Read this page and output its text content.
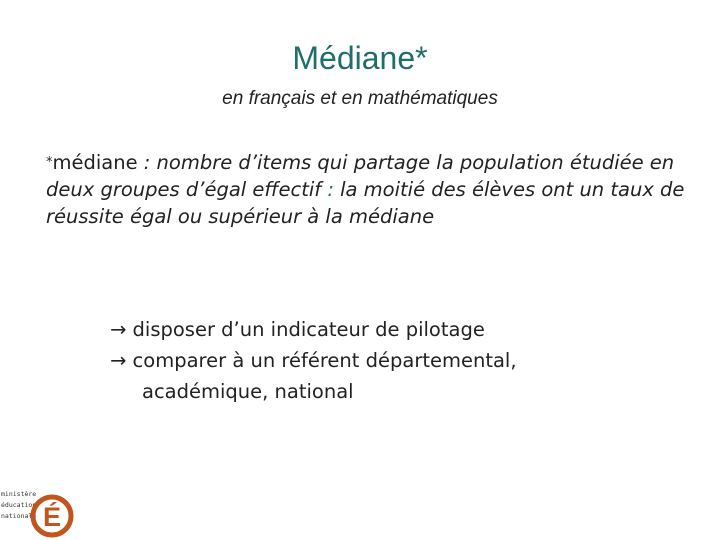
Médiane*

en français et en mathématiques

*médiane : nombre d’items qui partage la population étudiée en deux groupes d’égal effectif : la moitié des élèves ont un taux de réussite égal ou supérieur à la médiane

→ disposer d’un indicateur de pilotage
→ comparer à un référent départemental,
académique, national
ministère
éducation
nationale É
